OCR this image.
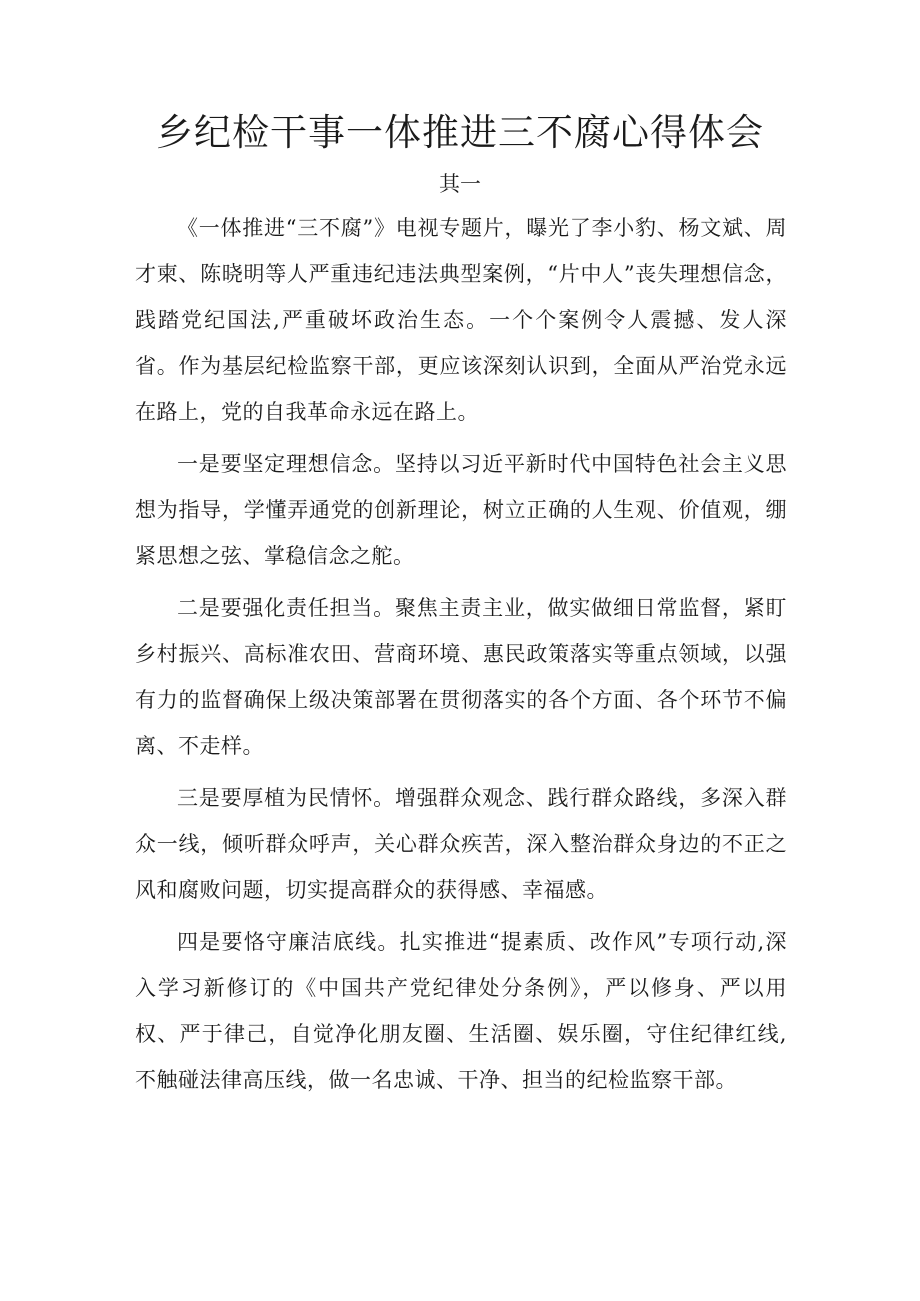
乡纪检干事一体推进三不腐心得体会

其一

《一体推进“三不腐”》电视专题片，曝光了李小豹、杨文斌、周才柬、陈晓明等人严重违纪违法典型案例，“片中人”丧失理想信念，践踏党纪国法,严重破坏政治生态。一个个案例令人震撼、发人深省。作为基层纪检监察干部，更应该深刻认识到，全面从严治党永远在路上，党的自我革命永远在路上。

一是要坚定理想信念。坚持以习近平新时代中国特色社会主义思想为指导，学懂弄通党的创新理论，树立正确的人生观、价值观，绷紧思想之弦、掌稳信念之舵。

二是要强化责任担当。聚焦主责主业，做实做细日常监督，紧盯乡村振兴、高标准农田、营商环境、惠民政策落实等重点领域，以强有力的监督确保上级决策部署在贯彻落实的各个方面、各个环节不偏离、不走样。

三是要厚植为民情怀。增强群众观念、践行群众路线，多深入群众一线，倾听群众呼声，关心群众疾苦，深入整治群众身边的不正之风和腐败问题，切实提高群众的获得感、幸福感。

四是要恪守廉洁底线。扎实推进“提素质、改作风”专项行动,深入学习新修订的《中国共产党纪律处分条例》，严以修身、严以用权、严于律己，自觉净化朋友圈、生活圈、娱乐圈，守住纪律红线,不触碰法律高压线，做一名忠诚、干净、担当的纪检监察干部。
